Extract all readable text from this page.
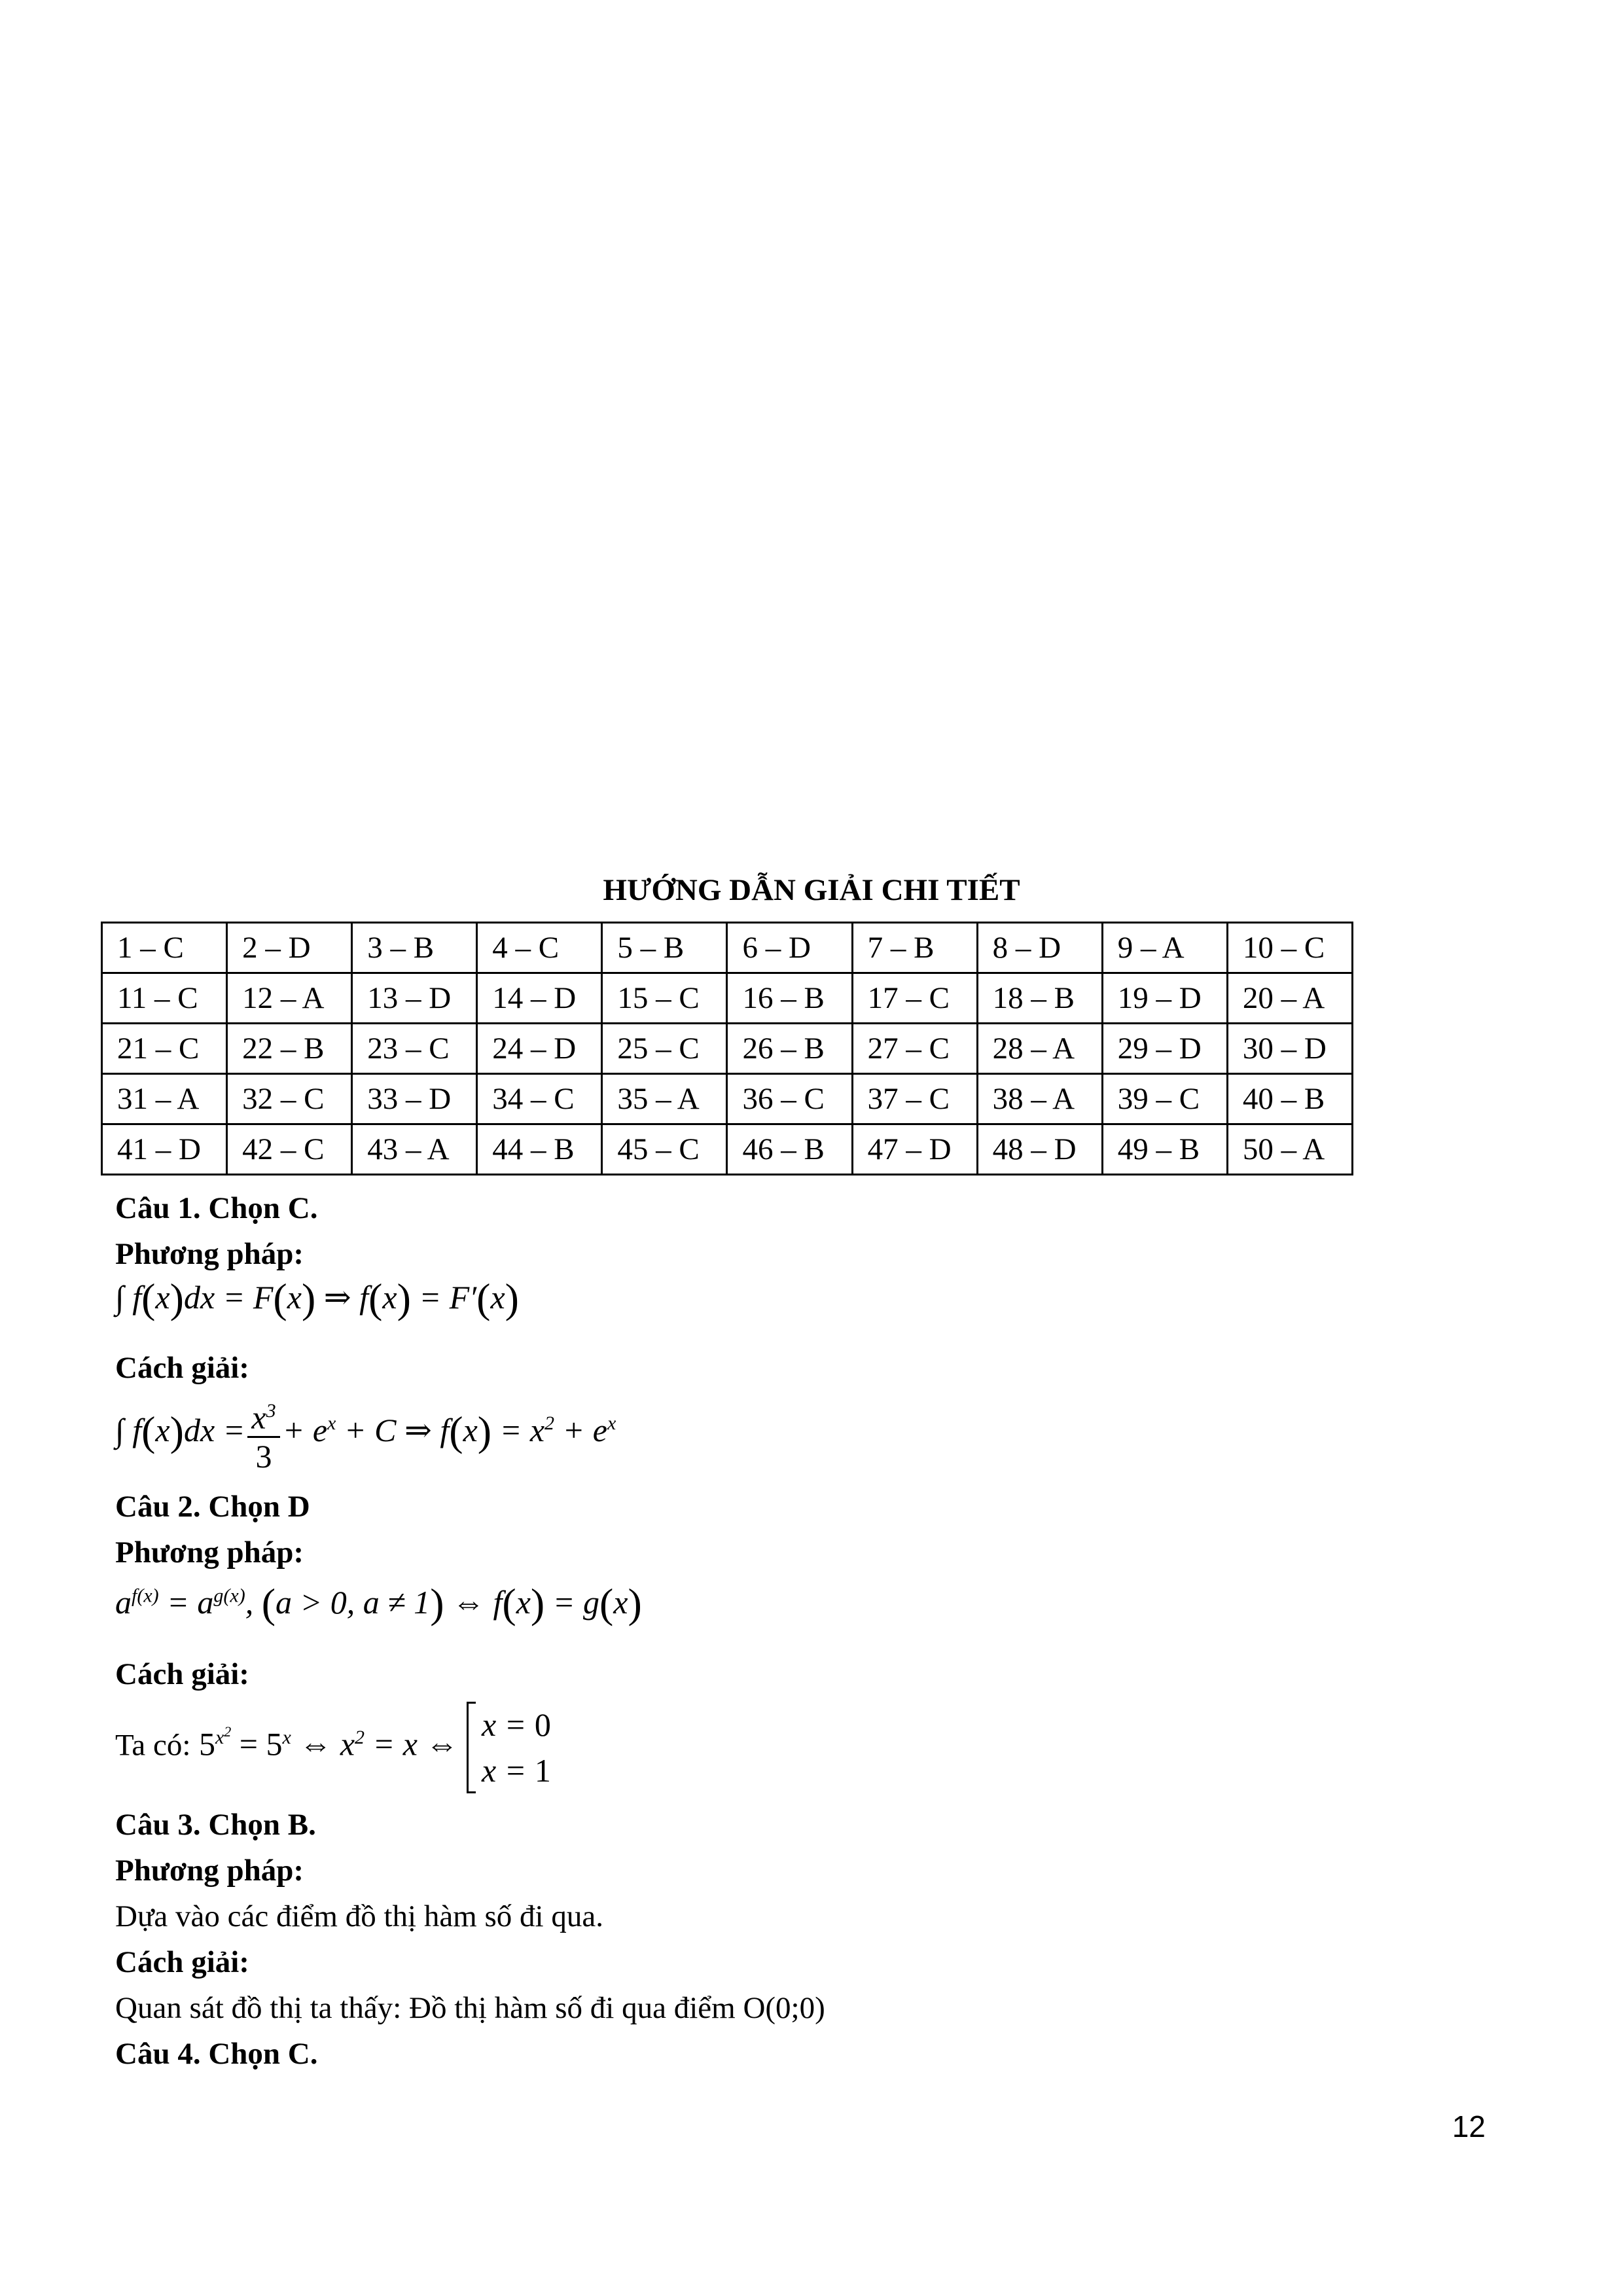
HƯỚNG DẪN GIẢI CHI TIẾT
1 – C	2 – D	3 – B	4 – C	5 – B	6 – D	7 – B	8 – D	9 – A	10 – C
11 – C	12 – A	13 – D	14 – D	15 – C	16 – B	17 – C	18 – B	19 – D	20 – A
21 – C	22 – B	23 – C	24 – D	25 – C	26 – B	27 – C	28 – A	29 – D	30 – D
31 – A	32 – C	33 – D	34 – C	35 – A	36 – C	37 – C	38 – A	39 – C	40 – B
41 – D	42 – C	43 – A	44 – B	45 – C	46 – B	47 – D	48 – D	49 – B	50 – A
Câu 1. Chọn C.
Phương pháp:
∫ f(x)dx = F(x) ⇒ f(x) = F′(x)
Cách giải:
∫ $f(x)dx = \frac{x^3}{3} + e^x + C$ ⇒ $f(x) = x^2 + e^x$
Câu 2. Chọn D
Phương pháp:
$a^{f(x)} = a^{g(x)}$, (a > 0, a ≠ 1) ⇔ f(x) = g(x)
Cách giải:
Ta có: $5^{x^2} = 5^x$ ⇔ $x^2 = x$ ⇔
x = 0
x = 1
Câu 3. Chọn B.
Phương pháp:
Dựa vào các điểm đồ thị hàm số đi qua.
Cách giải:
Quan sát đồ thị ta thấy: Đồ thị hàm số đi qua điểm O(0;0)
Câu 4. Chọn C.
12
